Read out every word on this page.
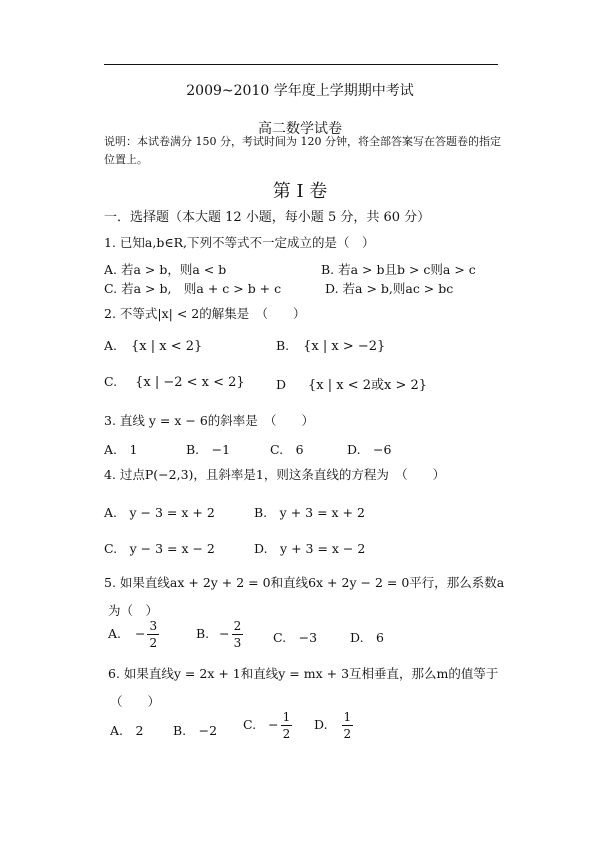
2009~2010 学年度上学期期中考试
高二数学试卷
说明：本试卷满分 150 分，考试时间为 120 分钟，将全部答案写在答题卷的指定位置上。
第 I 卷
一．选择题（本大题 12 小题，每小题 5 分，共 60 分）
1. 已知a,b∈R,下列不等式不一定成立的是（　）
A. 若a > b，则a < b	B. 若a > b且b > c则a > c
C. 若a > b,　则a + c > b + c	D. 若a > b,则ac > bc
2. 不等式|x| < 2的解集是　（　　）
A. {x | x < 2}	B. {x | x > −2}
C. {x | −2 < x < 2}	D {x | x < 2或x > 2}
3. 直线 y = x − 6的斜率是　（　　）
A.　1	B.　−1	C.　6	D.　−6
4. 过点P(−2,3)，且斜率是1，则这条直线的方程为　（　　）
A.　y − 3 = x + 2	B.　y + 3 = x + 2
C.　y − 3 = x − 2	D.　y + 3 = x − 2
5. 如果直线ax + 2y + 2 = 0和直线6x + 2y − 2 = 0平行，那么系数a
为（　）
A. − $\frac{3}{2}$	B. − $\frac{2}{3} C$.　−3	D.　6
6. 如果直线y = 2x + 1和直线y = mx + 3互相垂直，那么m的值等于
（　　）
A.　2 B.　−2 C. − $\frac{1}{2} D$. $\frac{1}{2}$
